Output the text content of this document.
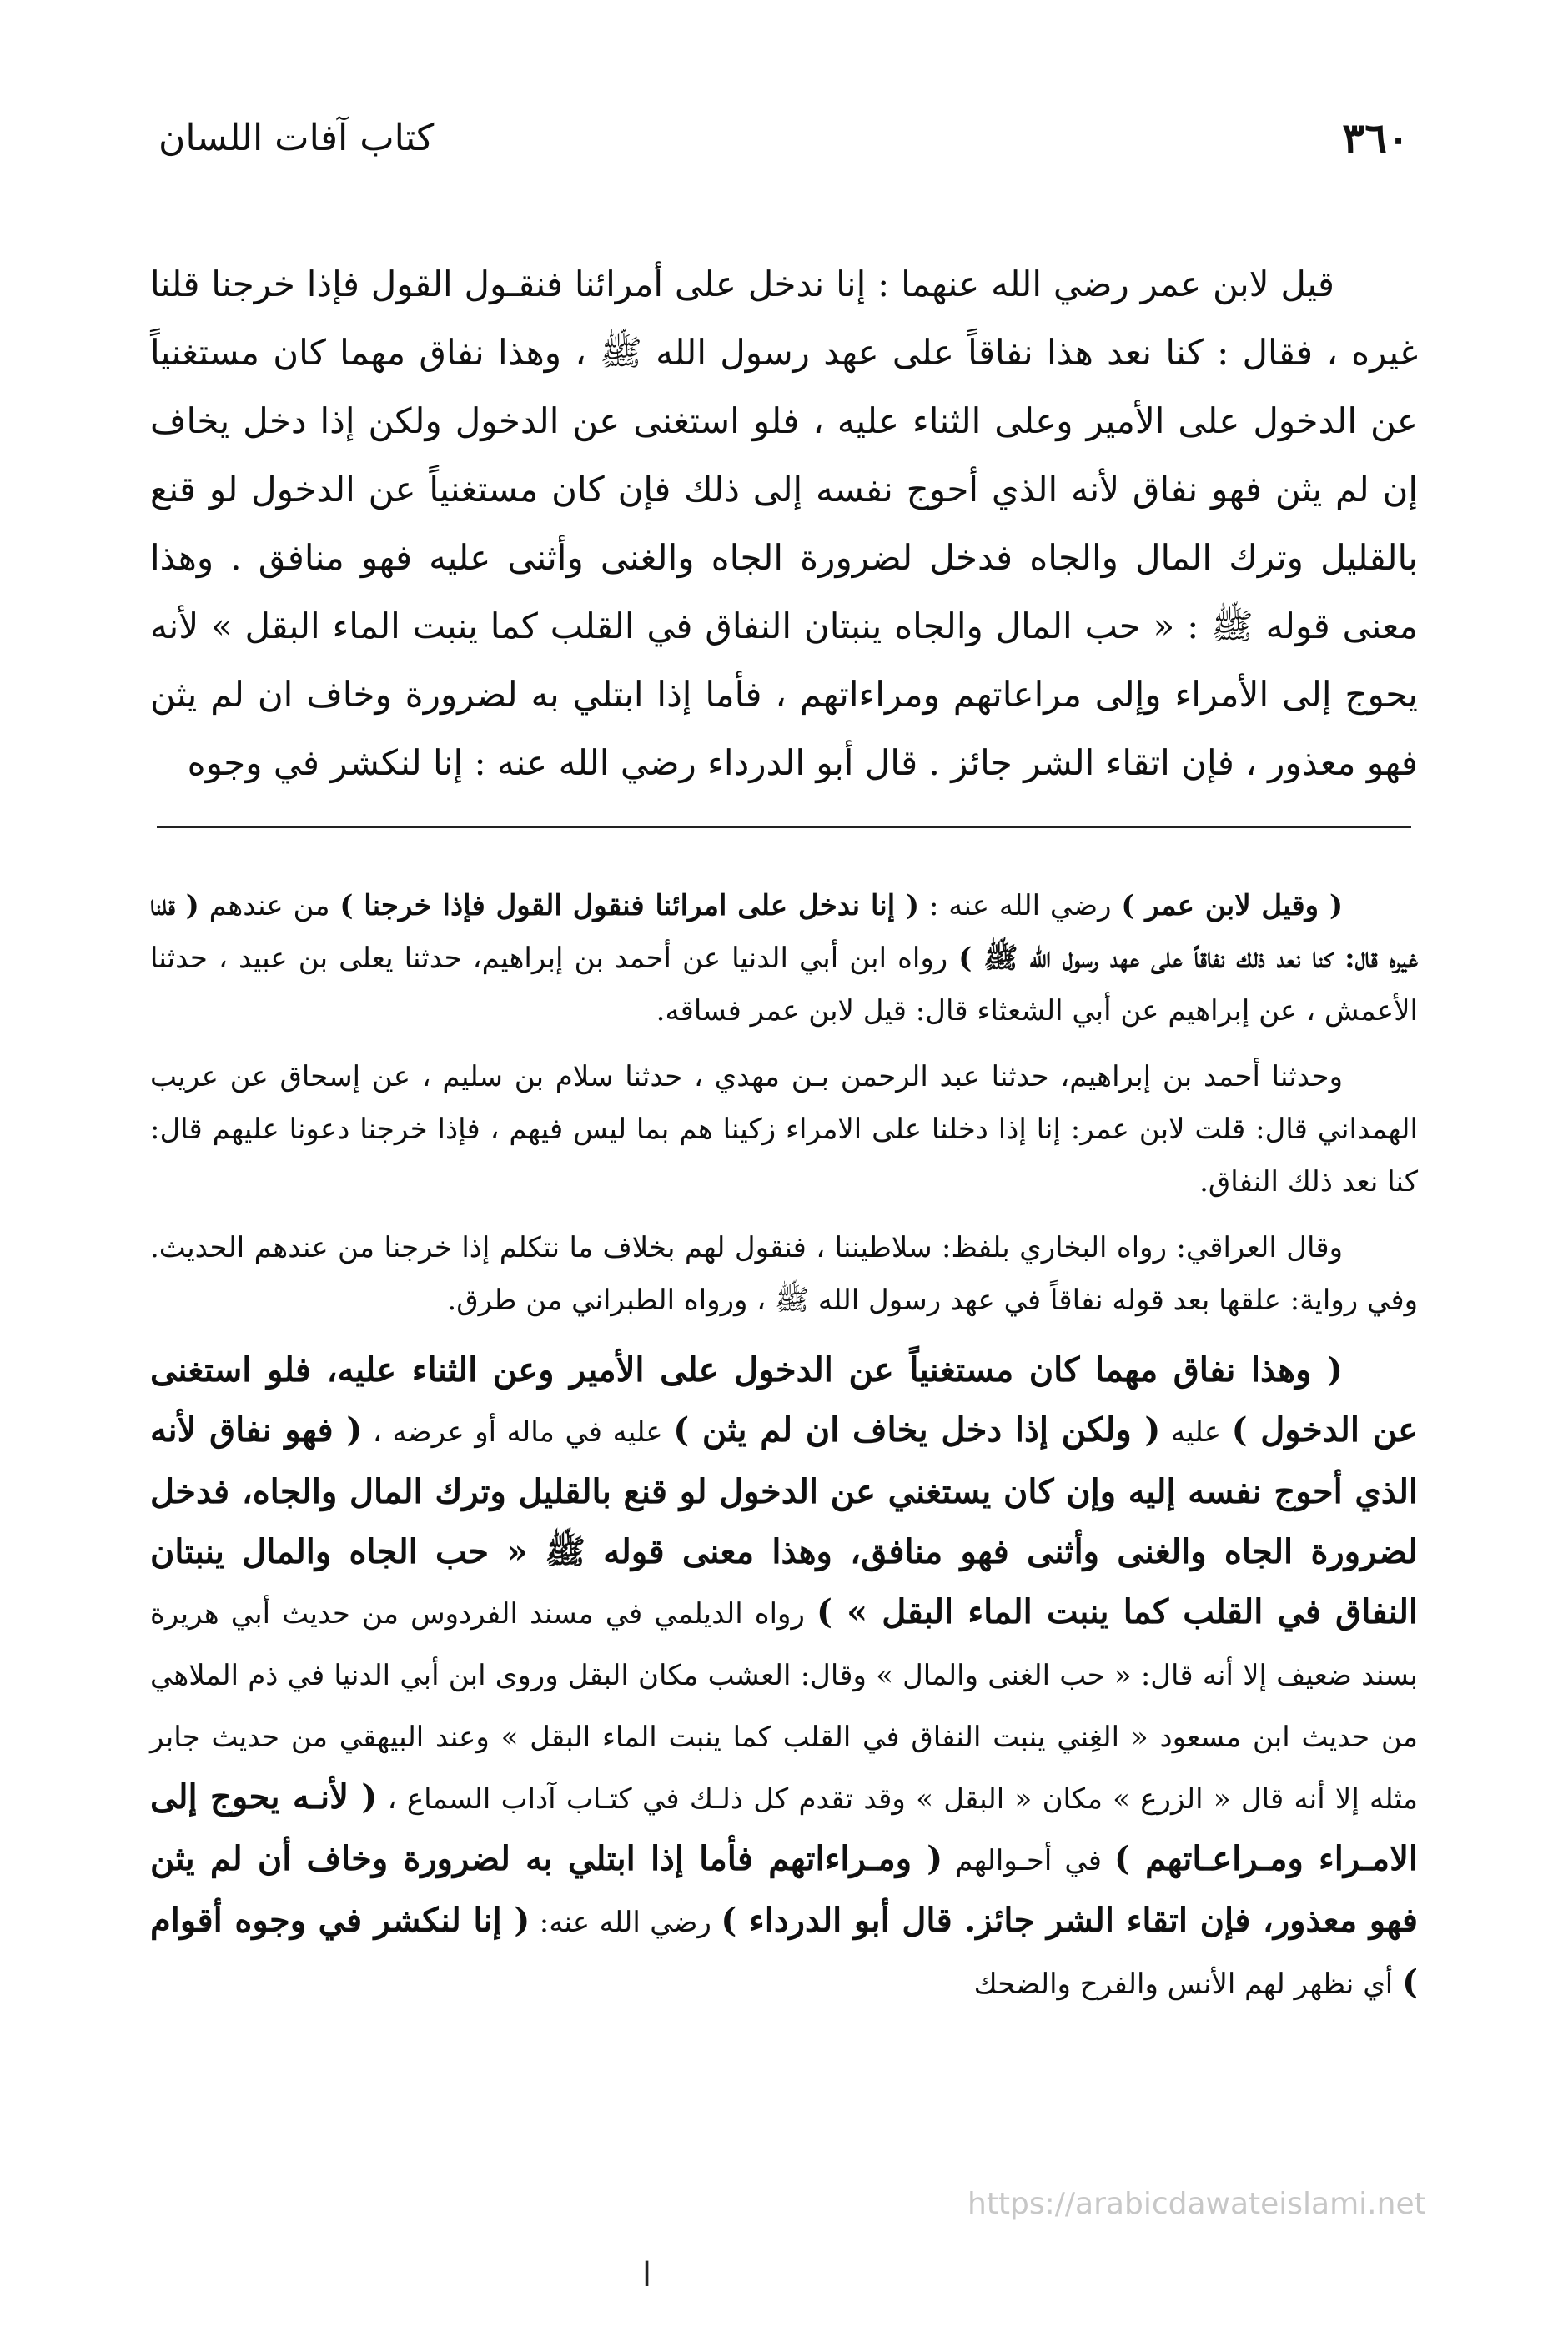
كتاب آفات اللسان	٣٦٠

قيل لابن عمر رضي الله عنهما : إنا ندخل على أمرائنا فنقـول القول فإذا خرجنا قلنا غيره ، فقال : كنا نعد هذا نفاقاً على عهد رسول الله ﷺ ، وهذا نفاق مهما كان مستغنياً عن الدخول على الأمير وعلى الثناء عليه ، فلو استغنى عن الدخول ولكن إذا دخل يخاف إن لم يثن فهو نفاق لأنه الذي أحوج نفسه إلى ذلك فإن كان مستغنياً عن الدخول لو قنع بالقليل وترك المال والجاه فدخل لضرورة الجاه والغنى وأثنى عليه فهو منافق . وهذا معنى قوله ﷺ : « حب المال والجاه ينبتان النفاق في القلب كما ينبت الماء البقل » لأنه يحوج إلى الأمراء وإلى مراعاتهم ومراءاتهم ، فأما إذا ابتلي به لضرورة وخاف ان لم يثن فهو معذور ، فإن اتقاء الشر جائز . قال أبو الدرداء رضي الله عنه : إنا لنكشر في وجوه

( وقيل لابن عمر ) رضي الله عنه : ( إنا ندخل على امرائنا فنقول القول فإذا خرجنا ) من عندهم ( قلنا غيره قال: كنا نعد ذلك نفاقاً على عهد رسول الله ﷺ ) رواه ابن أبي الدنيا عن أحمد بن إبراهيم، حدثنا يعلى بن عبيد ، حدثنا الأعمش ، عن إبراهيم عن أبي الشعثاء قال: قيل لابن عمر فساقه.

وحدثنا أحمد بن إبراهيم، حدثنا عبد الرحمن بـن مهدي ، حدثنا سلام بن سليم ، عن إسحاق عن عريب الهمداني قال: قلت لابن عمر: إنا إذا دخلنا على الامراء زكينا هم بما ليس فيهم ، فإذا خرجنا دعونا عليهم قال: كنا نعد ذلك النفاق.

وقال العراقي: رواه البخاري بلفظ: سلاطيننا ، فنقول لهم بخلاف ما نتكلم إذا خرجنا من عندهم الحديث. وفي رواية: علقها بعد قوله نفاقاً في عهد رسول الله ﷺ ، ورواه الطبراني من طرق.

( وهذا نفاق مهما كان مستغنياً عن الدخول على الأمير وعن الثناء عليه، فلو استغنى عن الدخول ) عليه ( ولكن إذا دخل يخاف ان لم يثن ) عليه في ماله أو عرضه ، ( فهو نفاق لأنه الذي أحوج نفسه إليه وإن كان يستغني عن الدخول لو قنع بالقليل وترك المال والجاه، فدخل لضرورة الجاه والغنى وأثنى فهو منافق، وهذا معنى قوله ﷺ « حب الجاه والمال ينبتان النفاق في القلب كما ينبت الماء البقل » ) رواه الديلمي في مسند الفردوس من حديث أبي هريرة بسند ضعيف إلا أنه قال: « حب الغنى والمال » وقال: العشب مكان البقل وروى ابن أبي الدنيا في ذم الملاهي من حديث ابن مسعود « الغِني ينبت النفاق في القلب كما ينبت الماء البقل » وعند البيهقي من حديث جابر مثله إلا أنه قال « الزرع » مكان « البقل » وقد تقدم كل ذلـك في كتـاب آداب السماع ، ( لأنـه يحوج إلى الامـراء ومـراعـاتهم ) في أحـوالهم ( ومـراءاتهم فأما إذا ابتلي به لضرورة وخاف أن لم يثن فهو معذور، فإن اتقاء الشر جائز. قال أبو الدرداء ) رضي الله عنه: ( إنا لنكشر في وجوه أقوام ) أي نظهر لهم الأنس والفرح والضحك

https://arabicdawateislami.net
ا
